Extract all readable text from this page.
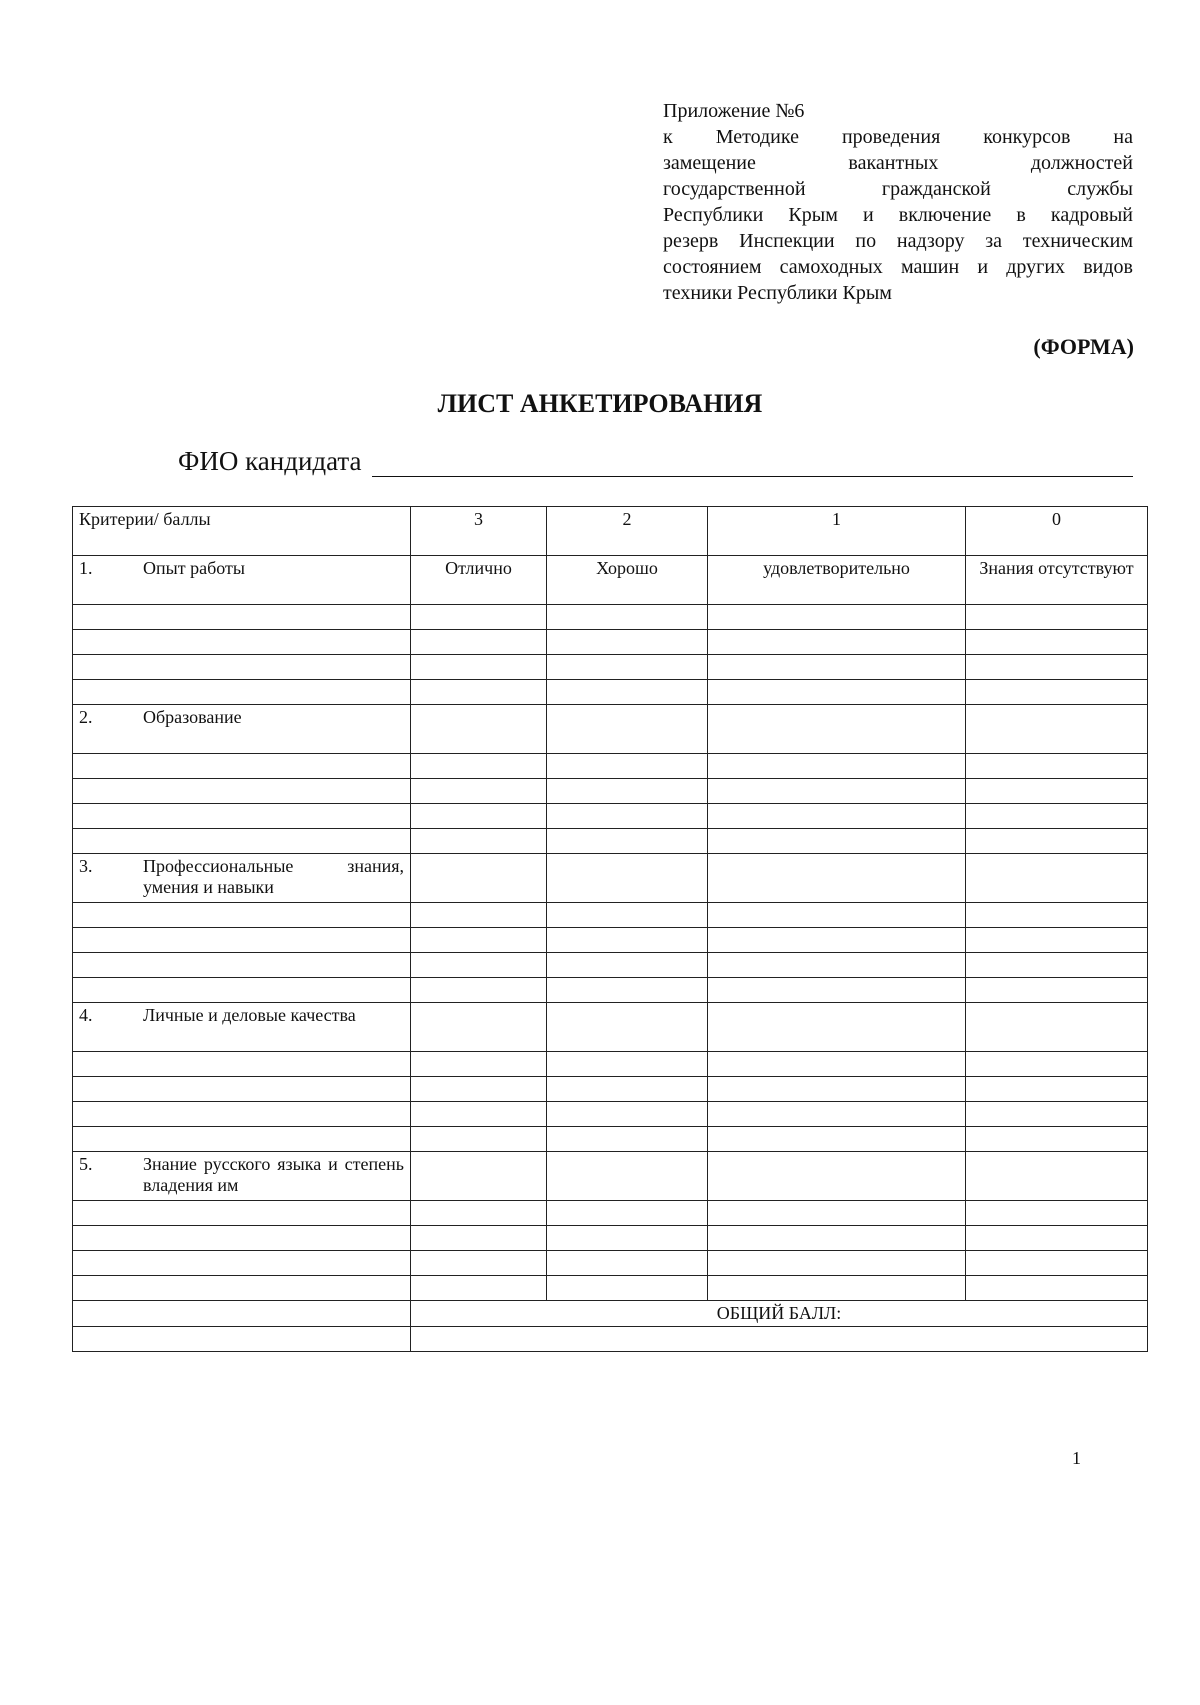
Приложение №6
к Методике проведения конкурсов на
замещение вакантных должностей
государственной гражданской службы
Республики Крым и включение в кадровый
резерв Инспекции по надзору за техническим
состоянием самоходных машин и других видов
техники Республики Крым
(ФОРМА)
ЛИСТ АНКЕТИРОВАНИЯ
ФИО кандидата
Критерии/ баллы	3	2	1	0

1. Опыт работы	Отлично	Хорошо	удовлетворительно	Знания отсутствуют

2. Образование				

3. Профессиональные знания, умения и навыки				

4. Личные и деловые качества				

5. Знание русского языка и степень владения им				

	ОБЩИЙ БАЛЛ:			

1
